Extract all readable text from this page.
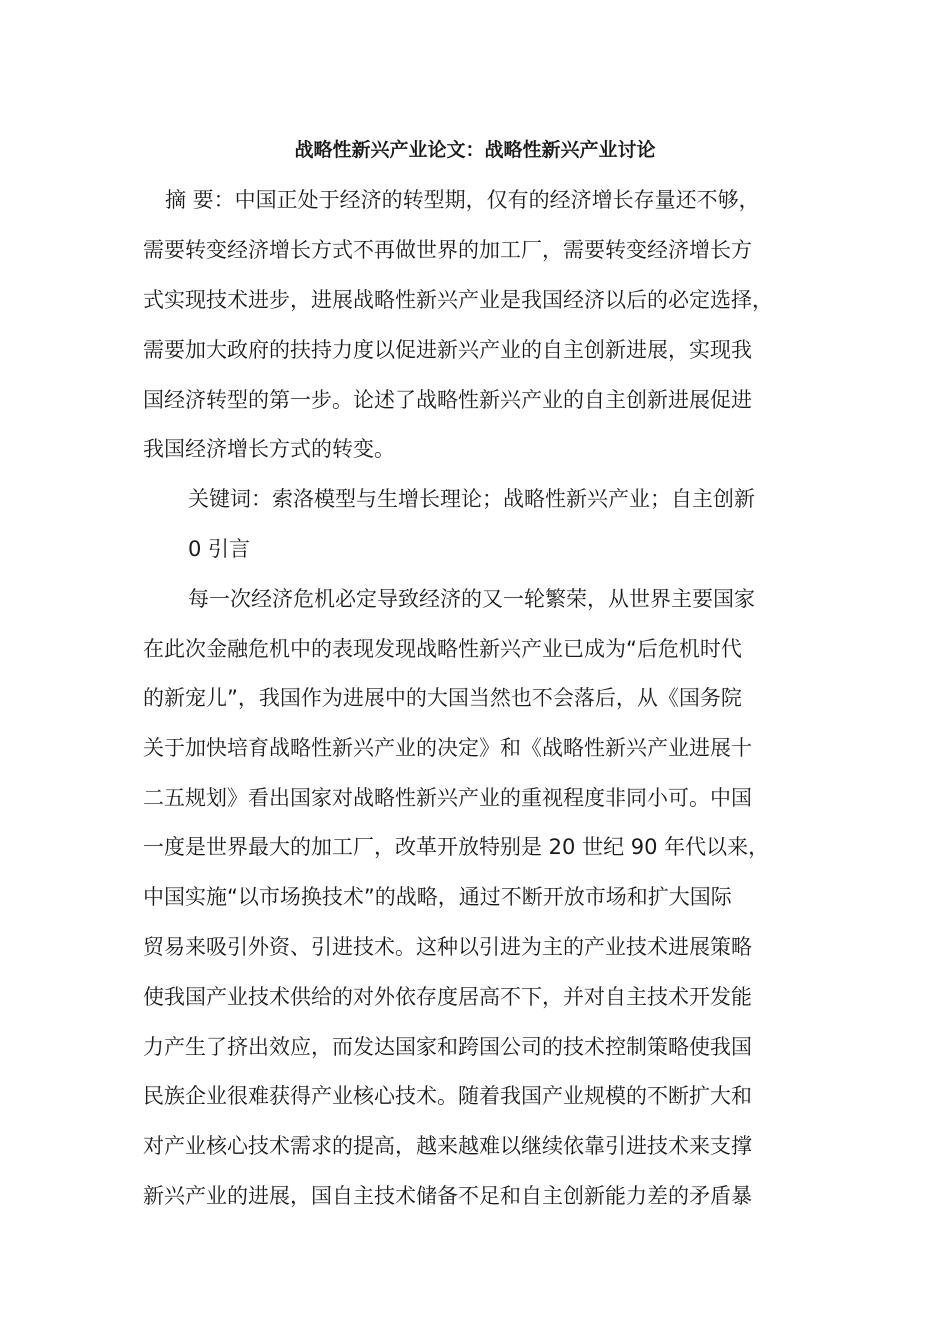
战略性新兴产业论文：战略性新兴产业讨论
摘 要：中国正处于经济的转型期，仅有的经济增长存量还不够，
需要转变经济增长方式不再做世界的加工厂，需要转变经济增长方
式实现技术进步，进展战略性新兴产业是我国经济以后的必定选择，
需要加大政府的扶持力度以促进新兴产业的自主创新进展，实现我
国经济转型的第一步。论述了战略性新兴产业的自主创新进展促进
我国经济增长方式的转变。
关键词：索洛模型与生增长理论；战略性新兴产业；自主创新
0 引言
每一次经济危机必定导致经济的又一轮繁荣，从世界主要国家
在此次金融危机中的表现发现战略性新兴产业已成为“后危机时代
的新宠儿”，我国作为进展中的大国当然也不会落后，从《国务院
关于加快培育战略性新兴产业的决定》和《战略性新兴产业进展十
二五规划》看出国家对战略性新兴产业的重视程度非同小可。中国
一度是世界最大的加工厂，改革开放特别是 20 世纪 90 年代以来，
中国实施“以市场换技术”的战略，通过不断开放市场和扩大国际
贸易来吸引外资、引进技术。这种以引进为主的产业技术进展策略
使我国产业技术供给的对外依存度居高不下，并对自主技术开发能
力产生了挤出效应，而发达国家和跨国公司的技术控制策略使我国
民族企业很难获得产业核心技术。随着我国产业规模的不断扩大和
对产业核心技术需求的提高，越来越难以继续依靠引进技术来支撑
新兴产业的进展，国自主技术储备不足和自主创新能力差的矛盾暴
